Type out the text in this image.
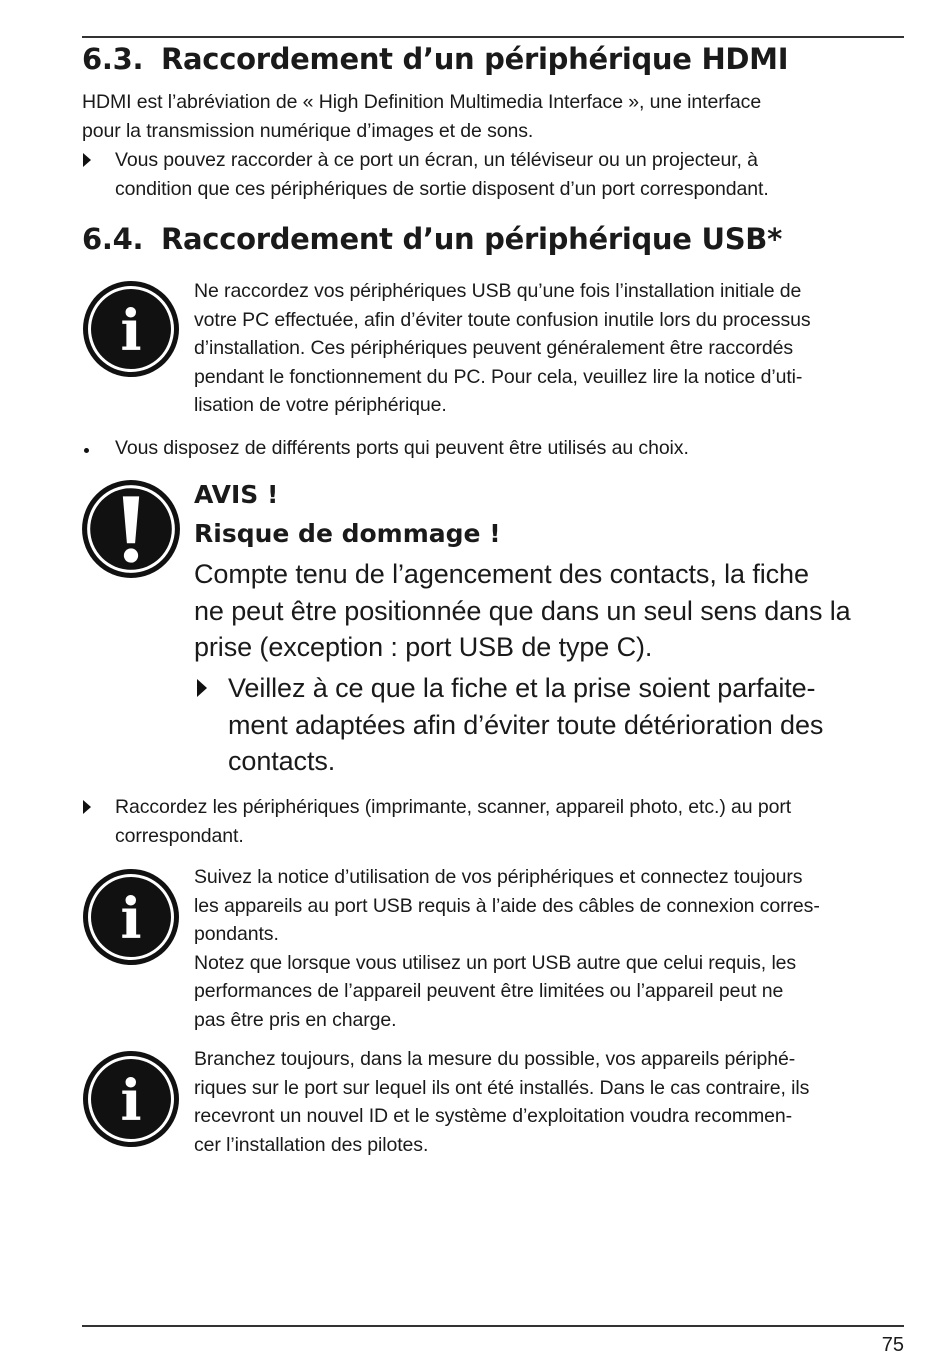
6.3. Raccordement d’un périphérique HDMI
HDMI est l’abréviation de « High Definition Multimedia Interface », une interface
pour la transmission numérique d’images et de sons.
Vous pouvez raccorder à ce port un écran, un téléviseur ou un projecteur, à
condition que ces périphériques de sortie disposent d’un port correspondant.
6.4. Raccordement d’un périphérique USB*
i
Ne raccordez vos périphériques USB qu’une fois l’installation initiale de
votre PC effectuée, afin d’éviter toute confusion inutile lors du processus
d’installation. Ces périphériques peuvent généralement être raccordés
pendant le fonctionnement du PC. Pour cela, veuillez lire la notice d’uti-
lisation de votre périphérique.
Vous disposez de différents ports qui peuvent être utilisés au choix.
AVIS !
Risque de dommage !
Compte tenu de l’agencement des contacts, la fiche
ne peut être positionnée que dans un seul sens dans la
prise (exception : port USB de type C).
Veillez à ce que la fiche et la prise soient parfaite-
ment adaptées afin d’éviter toute détérioration des
contacts.
Raccordez les périphériques (imprimante, scanner, appareil photo, etc.) au port
correspondant.
i
Suivez la notice d’utilisation de vos périphériques et connectez toujours
les appareils au port USB requis à l’aide des câbles de connexion corres-
pondants.
Notez que lorsque vous utilisez un port USB autre que celui requis, les
performances de l’appareil peuvent être limitées ou l’appareil peut ne
pas être pris en charge.
i
Branchez toujours, dans la mesure du possible, vos appareils périphé-
riques sur le port sur lequel ils ont été installés. Dans le cas contraire, ils
recevront un nouvel ID et le système d’exploitation voudra recommen-
cer l’installation des pilotes.
75
